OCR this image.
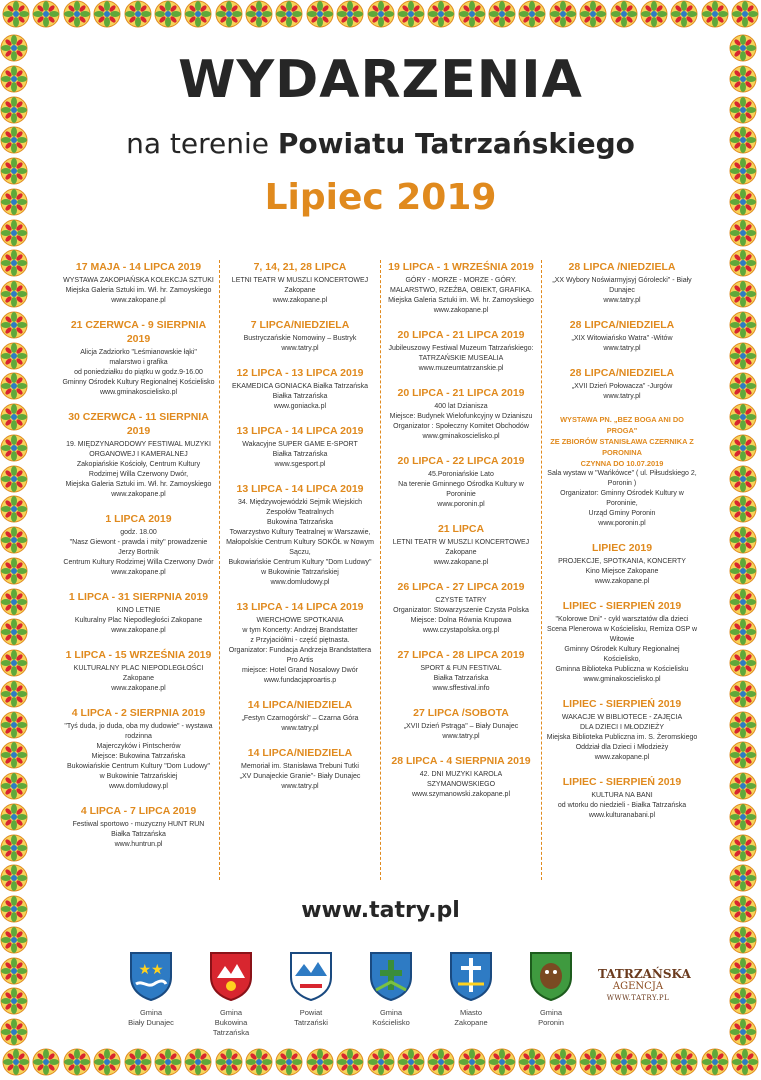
WYDARZENIA
na terenie Powiatu Tatrzańskiego
Lipiec 2019
17 MAJA - 14 LIPCA 2019
WYSTAWA ZAKOPIAŃSKA KOLEKCJA SZTUKI
Miejska Galeria Sztuki im. Wł. hr. Zamoyskiego
www.zakopane.pl
21 CZERWCA - 9 SIERPNIA 2019
Alicja Zadziorko "Leśmianowskie łąki"
malarstwo i grafika
od poniedziałku do piątku w godz.9-16.00
Gminny Ośrodek Kultury Regionalnej Kościelisko
www.gminakoscielisko.pl
30 CZERWCA - 11 SIERPNIA 2019
19. MIĘDZYNARODOWY FESTIWAL MUZYKI
ORGANOWEJ I KAMERALNEJ
Zakopiańskie Kościoły, Centrum Kultury
Rodzimej Willa Czerwony Dwór,
Miejska Galeria Sztuki im. Wł. hr. Zamoyskiego
www.zakopane.pl
1 LIPCA 2019
godz. 18.00
"Nasz Giewont - prawda i mity" prowadzenie Jerzy Bortnik
Centrum Kultury Rodzimej Willa Czerwony Dwór
www.zakopane.pl
1 LIPCA - 31 SIERPNIA 2019
KINO LETNIE
Kulturalny Plac Niepodległości Zakopane
www.zakopane.pl
1 LIPCA - 15 WRZEŚNIA 2019
KULTURALNY PLAC NIEPODLEGŁOŚCI Zakopane
www.zakopane.pl
4 LIPCA - 2 SIERPNIA 2019
"Tyś duda, jo duda, oba my dudowie" - wystawa rodzinna
Majerczyków i Pintscherów
Miejsce: Bukowina Tatrzańska
Bukowiańskie Centrum Kultury "Dom Ludowy"
w Bukowinie Tatrzańskiej
www.domludowy.pl
4 LIPCA - 7 LIPCA 2019
Festiwal sportowo - muzyczny HUNT RUN
Białka Tatrzańska
www.huntrun.pl
7, 14, 21, 28 LIPCA
LETNI TEATR W MUSZLI KONCERTOWEJ Zakopane
www.zakopane.pl
7 LIPCA/NIEDZIELA
Bustryczańskie Nomowiny – Bustryk
www.tatry.pl
12 LIPCA - 13 LIPCA 2019
EKAMEDICA GONIACKA Białka Tatrzańska
Białka Tatrzańska
www.goniacka.pl
13 LIPCA - 14 LIPCA 2019
Wakacyjne SUPER GAME E-SPORT
Białka Tatrzańska
www.sgesport.pl
13 LIPCA - 14 LIPCA 2019
34. Międzywojewódzki Sejmik Wiejskich Zespołów Teatralnych
Bukowina Tatrzańska
Towarzystwo Kultury Teatralnej w Warszawie,
Małopolskie Centrum Kultury SOKÓŁ w Nowym Sączu,
Bukowiańskie Centrum Kultury "Dom Ludowy"
w Bukowinie Tatrzańskiej
www.domludowy.pl
13 LIPCA - 14 LIPCA 2019
WIERCHOWE SPOTKANIA
w tym Koncerty: Andrzej Brandstatter
z Przyjaciółmi - część piętnasta.
Organizator: Fundacja Andrzeja Brandstattera Pro Artis
miejsce: Hotel Grand Nosalowy Dwór
www.fundacjaproartis.p
14 LIPCA/NIEDZIELA
„Festyn Czarnogórski" – Czarna Góra
www.tatry.pl
14 LIPCA/NIEDZIELA
Memoriał im. Stanisława Trebuni Tutki
„XV Dunajeckie Granie"- Biały Dunajec
www.tatry.pl
19 LIPCA - 1 WRZEŚNIA 2019
GÓRY - MORZE - MORZE - GÓRY.
MALARSTWO, RZEŹBA, OBIEKT, GRAFIKA.
Miejska Galeria Sztuki im. Wł. hr. Zamoyskiego
www.zakopane.pl
20 LIPCA - 21 LIPCA 2019
Jubileuszowy Festiwal Muzeum Tatrzańskiego:
TATRZAŃSKIE MUSEALIA
www.muzeumtatrzanskie.pl
20 LIPCA - 21 LIPCA 2019
400 lat Dzianisza
Miejsce: Budynek Wielofunkcyjny w Dzianiszu
Organizator : Społeczny Komitet Obchodów
www.gminakoscielisko.pl
20 LIPCA - 22 LIPCA 2019
45.Poroniańskie Lato
Na terenie Gminnego Ośrodka Kultury w Poroninie
www.poronin.pl
21 LIPCA
LETNI TEATR W MUSZLI KONCERTOWEJ Zakopane
www.zakopane.pl
26 LIPCA - 27 LIPCA 2019
CZYSTE TATRY
Organizator: Stowarzyszenie Czysta Polska
Miejsce: Dolna Równia Krupowa
www.czystapolska.org.pl
27 LIPCA - 28 LIPCA 2019
SPORT & FUN FESTIVAL
Białka Tatrzańska
www.sffestival.info
27 LIPCA /SOBOTA
„XVII Dzień Pstrąga" – Biały Dunajec
www.tatry.pl
28 LIPCA - 4 SIERPNIA 2019
42. DNI MUZYKI KAROLA SZYMANOWSKIEGO
www.szymanowski.zakopane.pl
28 LIPCA /NIEDZIELA
„XX Wybory Noświarmyjsyj Górolecki" - Biały Dunajec
www.tatry.pl
28 LIPCA/NIEDZIELA
„XIX Witowiańsko Watra" -Witów
www.tatry.pl
28 LIPCA/NIEDZIELA
„XVII Dzień Połowacza" -Jurgów
www.tatry.pl
WYSTAWA PN. „BEZ BOGA ANI DO PROGA"
ZE ZBIORÓW STANISŁAWA CZERNIKA Z PORONINA
CZYNNA DO 10.07.2019
Sala wystaw w "Wańkówce" ( ul. Piłsudskiego 2, Poronin )
Organizator: Gminny Ośrodek Kultury w Poroninie,
Urząd Gminy Poronin
www.poronin.pl
LIPIEC 2019
PROJEKCJE, SPOTKANIA, KONCERTY
Kino Miejsce Zakopane
www.zakopane.pl
LIPIEC - SIERPIEŃ 2019
"Kolorowe Dni" - cykl warsztatów dla dzieci
Scena Plenerowa w Kościelisku, Remiza OSP w Witowie
Gminny Ośrodek Kultury Regionalnej Kościelisko,
Gminna Biblioteka Publiczna w Kościelisku
www.gminakoscielisko.pl
LIPIEC - SIERPIEŃ 2019
WAKACJE W BIBLIOTECE - ZAJĘCIA
DLA DZIECI I MŁODZIEŻY
Miejska Biblioteka Publiczna im. S. Żeromskiego
Oddział dla Dzieci i Młodzieży
www.zakopane.pl
LIPIEC - SIERPIEŃ 2019
KULTURA NA BANI
od wtorku do niedzieli - Białka Tatrzańska
www.kulturanabani.pl
www.tatry.pl
★★
Gmina
Biały Dunajec
Gmina
Bukowina Tatrzańska
Powiat
Tatrzański
Gmina
Kościelisko
Miasto
Zakopane
Gmina
Poronin
TATRZAŃSKA
AGENCJA
WWW.TATRY.PL
